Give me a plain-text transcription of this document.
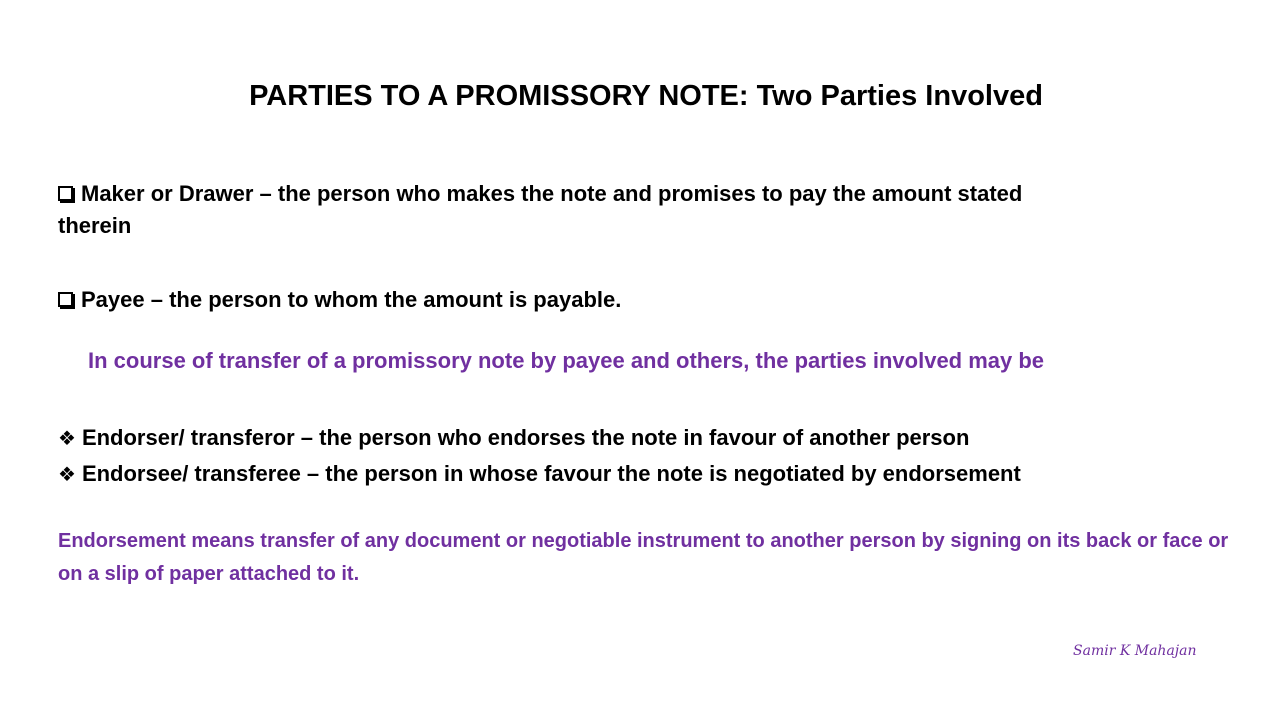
PARTIES TO A PROMISSORY NOTE: Two Parties Involved
Maker or Drawer – the person who makes the note and promises to pay the amount stated
therein
Payee – the person to whom the amount is payable.
In course of transfer of a promissory note by payee and others, the parties involved may be
❖ Endorser/ transferor – the person who endorses the note in favour of another person
❖ Endorsee/ transferee – the person in whose favour the note is negotiated by endorsement
Endorsement means transfer of any document or negotiable instrument to another person by signing on its back or face or on a slip of paper attached to it.
Samir K Mahajan
